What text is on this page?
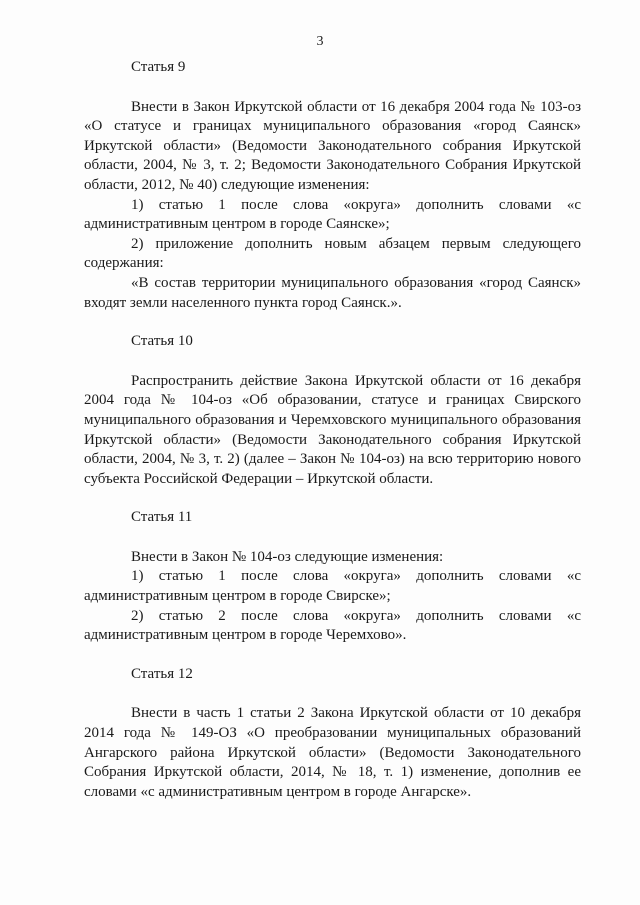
3

Статья 9

Внести в Закон Иркутской области от 16 декабря 2004 года № 103-оз «О статусе и границах муниципального образования «город Саянск» Иркутской области» (Ведомости Законодательного собрания Иркутской области, 2004, № 3, т. 2; Ведомости Законодательного Собрания Иркутской области, 2012, № 40) следующие изменения:

1) статью 1 после слова «округа» дополнить словами «с административным центром в городе Саянске»;

2) приложение дополнить новым абзацем первым следующего содержания:

«В состав территории муниципального образования «город Саянск» входят земли населенного пункта город Саянск.».

Статья 10

Распространить действие Закона Иркутской области от 16 декабря 2004 года № 104-оз «Об образовании, статусе и границах Свирского муниципального образования и Черемховского муниципального образования Иркутской области» (Ведомости Законодательного собрания Иркутской области, 2004, № 3, т. 2) (далее – Закон № 104-оз) на всю территорию нового субъекта Российской Федерации – Иркутской области.

Статья 11

Внести в Закон № 104-оз следующие изменения:

1) статью 1 после слова «округа» дополнить словами «с административным центром в городе Свирске»;

2) статью 2 после слова «округа» дополнить словами «с административным центром в городе Черемхово».

Статья 12

Внести в часть 1 статьи 2 Закона Иркутской области от 10 декабря 2014 года № 149-ОЗ «О преобразовании муниципальных образований Ангарского района Иркутской области» (Ведомости Законодательного Собрания Иркутской области, 2014, № 18, т. 1) изменение, дополнив ее словами «с административным центром в городе Ангарске».
